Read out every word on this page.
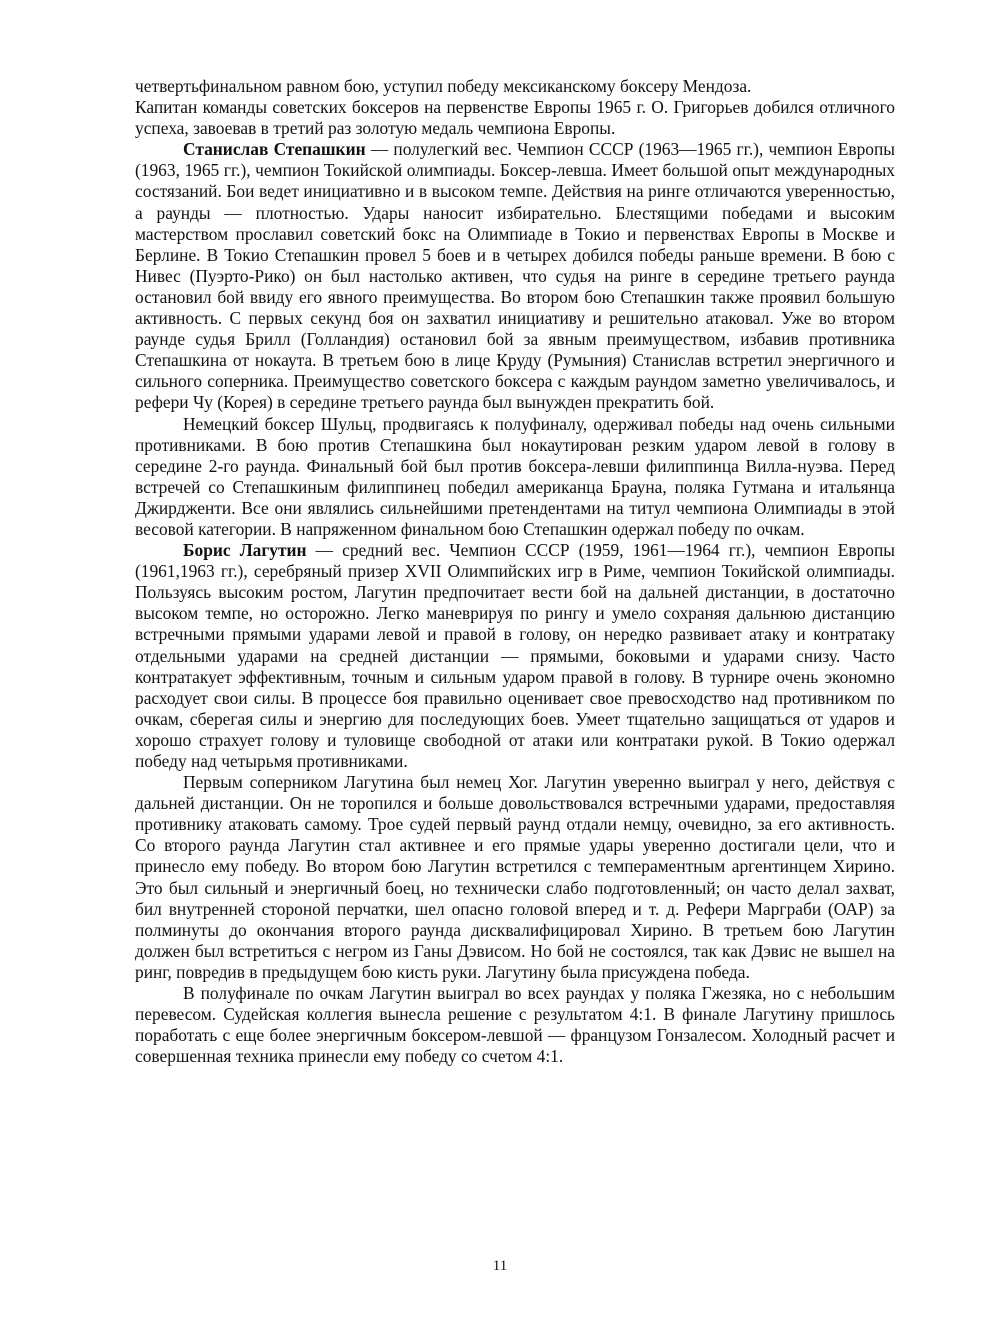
четвертьфинальном равном бою, уступил победу мексиканскому боксеру Мендоза.

Капитан команды советских боксеров на первенстве Европы 1965 г. О. Григорьев добился отличного успеха, завоевав в третий раз золотую медаль чемпиона Европы.

Станислав Степашкин — полулегкий вес. Чемпион СССР (1963—1965 гг.), чемпион Европы (1963, 1965 гг.), чемпион Токийской олимпиады. Боксер-левша. Имеет большой опыт международных состязаний. Бои ведет инициативно и в высоком темпе. Действия на ринге отличаются уверенностью, а раунды — плотностью. Удары наносит избирательно. Блестящими победами и высоким мастерством прославил советский бокс на Олимпиаде в Токио и первенствах Европы в Москве и Берлине. В Токио Степашкин провел 5 боев и в четырех добился победы раньше времени. В бою с Нивес (Пуэрто-Рико) он был настолько активен, что судья на ринге в середине третьего раунда остановил бой ввиду его явного преимущества. Во втором бою Степашкин также проявил большую активность. С первых секунд боя он захватил инициативу и решительно атаковал. Уже во втором раунде судья Брилл (Голландия) остановил бой за явным преимуществом, избавив противника Степашкина от нокаута. В третьем бою в лице Круду (Румыния) Станислав встретил энергичного и сильного соперника. Преимущество советского боксера с каждым раундом заметно увеличивалось, и рефери Чу (Корея) в середине третьего раунда был вынужден прекратить бой.

Немецкий боксер Шульц, продвигаясь к полуфиналу, одерживал победы над очень сильными противниками. В бою против Степашкина был нокаутирован резким ударом левой в голову в середине 2-го раунда. Финальный бой был против боксера-левши филиппинца Вилла-нуэва. Перед встречей со Степашкиным филиппинец победил американца Брауна, поляка Гутмана и итальянца Джирдженти. Все они являлись сильнейшими претендентами на титул чемпиона Олимпиады в этой весовой категории. В напряженном финальном бою Степашкин одержал победу по очкам.

Борис Лагутин — средний вес. Чемпион СССР (1959, 1961—1964 гг.), чемпион Европы (1961,1963 гг.), серебряный призер XVII Олимпийских игр в Риме, чемпион Токийской олимпиады. Пользуясь высоким ростом, Лагутин предпочитает вести бой на дальней дистанции, в достаточно высоком темпе, но осторожно. Легко маневрируя по рингу и умело сохраняя дальнюю дистанцию встречными прямыми ударами левой и правой в голову, он нередко развивает атаку и контратаку отдельными ударами на средней дистанции — прямыми, боковыми и ударами снизу. Часто контратакует эффективным, точным и сильным ударом правой в голову. В турнире очень экономно расходует свои силы. В процессе боя правильно оценивает свое превосходство над противником по очкам, сберегая силы и энергию для последующих боев. Умеет тщательно защищаться от ударов и хорошо страхует голову и туловище свободной от атаки или контратаки рукой. В Токио одержал победу над четырьмя противниками.

Первым соперником Лагутина был немец Хог. Лагутин уверенно выиграл у него, действуя с дальней дистанции. Он не торопился и больше довольствовался встречными ударами, предоставляя противнику атаковать самому. Трое судей первый раунд отдали немцу, очевидно, за его активность. Со второго раунда Лагутин стал активнее и его прямые удары уверенно достигали цели, что и принесло ему победу. Во втором бою Лагутин встретился с темпераментным аргентинцем Хирино. Это был сильный и энергичный боец, но технически слабо подготовленный; он часто делал захват, бил внутренней стороной перчатки, шел опасно головой вперед и т. д. Рефери Марграби (ОАР) за полминуты до окончания второго раунда дисквалифицировал Хирино. В третьем бою Лагутин должен был встретиться с негром из Ганы Дэвисом. Но бой не состоялся, так как Дэвис не вышел на ринг, повредив в предыдущем бою кисть руки. Лагутину была присуждена победа.

В полуфинале по очкам Лагутин выиграл во всех раундах у поляка Гжезяка, но с небольшим перевесом. Судейская коллегия вынесла решение с результатом 4:1. В финале Лагутину пришлось поработать с еще более энергичным боксером-левшой — французом Гонзалесом. Холодный расчет и совершенная техника принесли ему победу со счетом 4:1.

11
